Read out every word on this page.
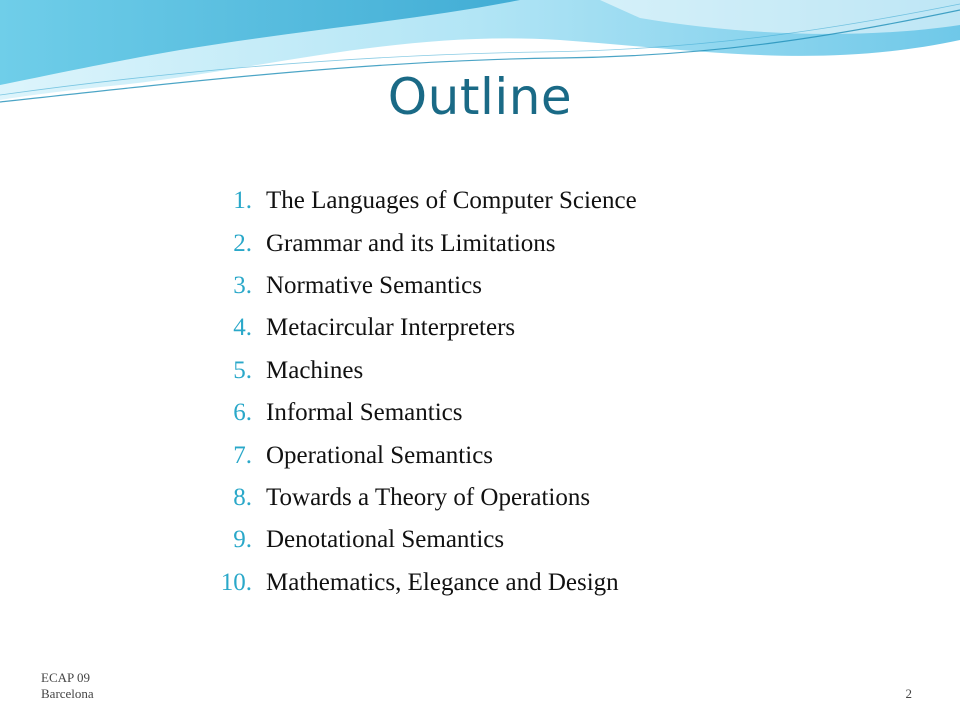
Outline
1. The Languages of Computer Science
2. Grammar and its Limitations
3. Normative Semantics
4. Metacircular Interpreters
5. Machines
6. Informal Semantics
7. Operational Semantics
8. Towards a Theory of Operations
9. Denotational Semantics
10. Mathematics, Elegance and Design
ECAP 09
Barcelona	2
